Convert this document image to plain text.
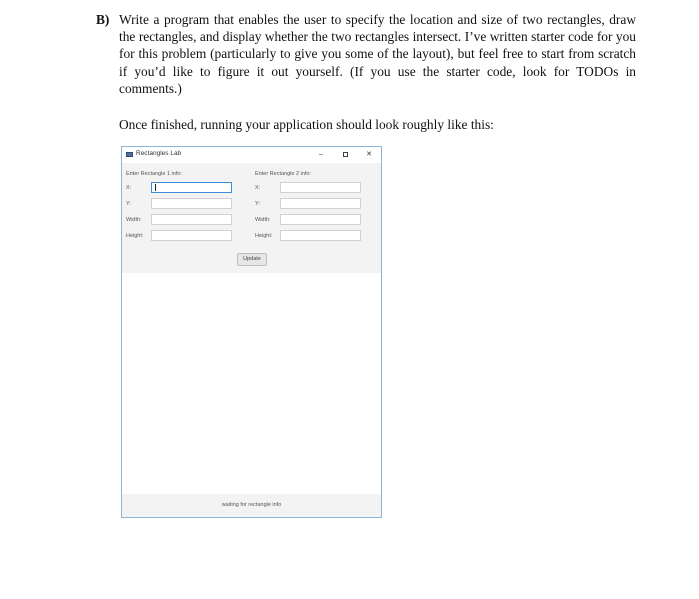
B) Write a program that enables the user to specify the location and size of two rectangles, draw the rectangles, and display whether the two rectangles intersect. I’ve written starter code for you for this problem (particularly to give you some of the layout), but feel free to start from scratch if you’d like to figure it out yourself. (If you use the starter code, look for TODOs in comments.)
Once finished, running your application should look roughly like this:
Rectangles Lab	–	✕
Enter Rectangle 1 info:
X:
Y:
Width:
Height:
Enter Rectangle 2 info:
X:
Y:
Width:
Height:
Update
waiting for rectangle info
